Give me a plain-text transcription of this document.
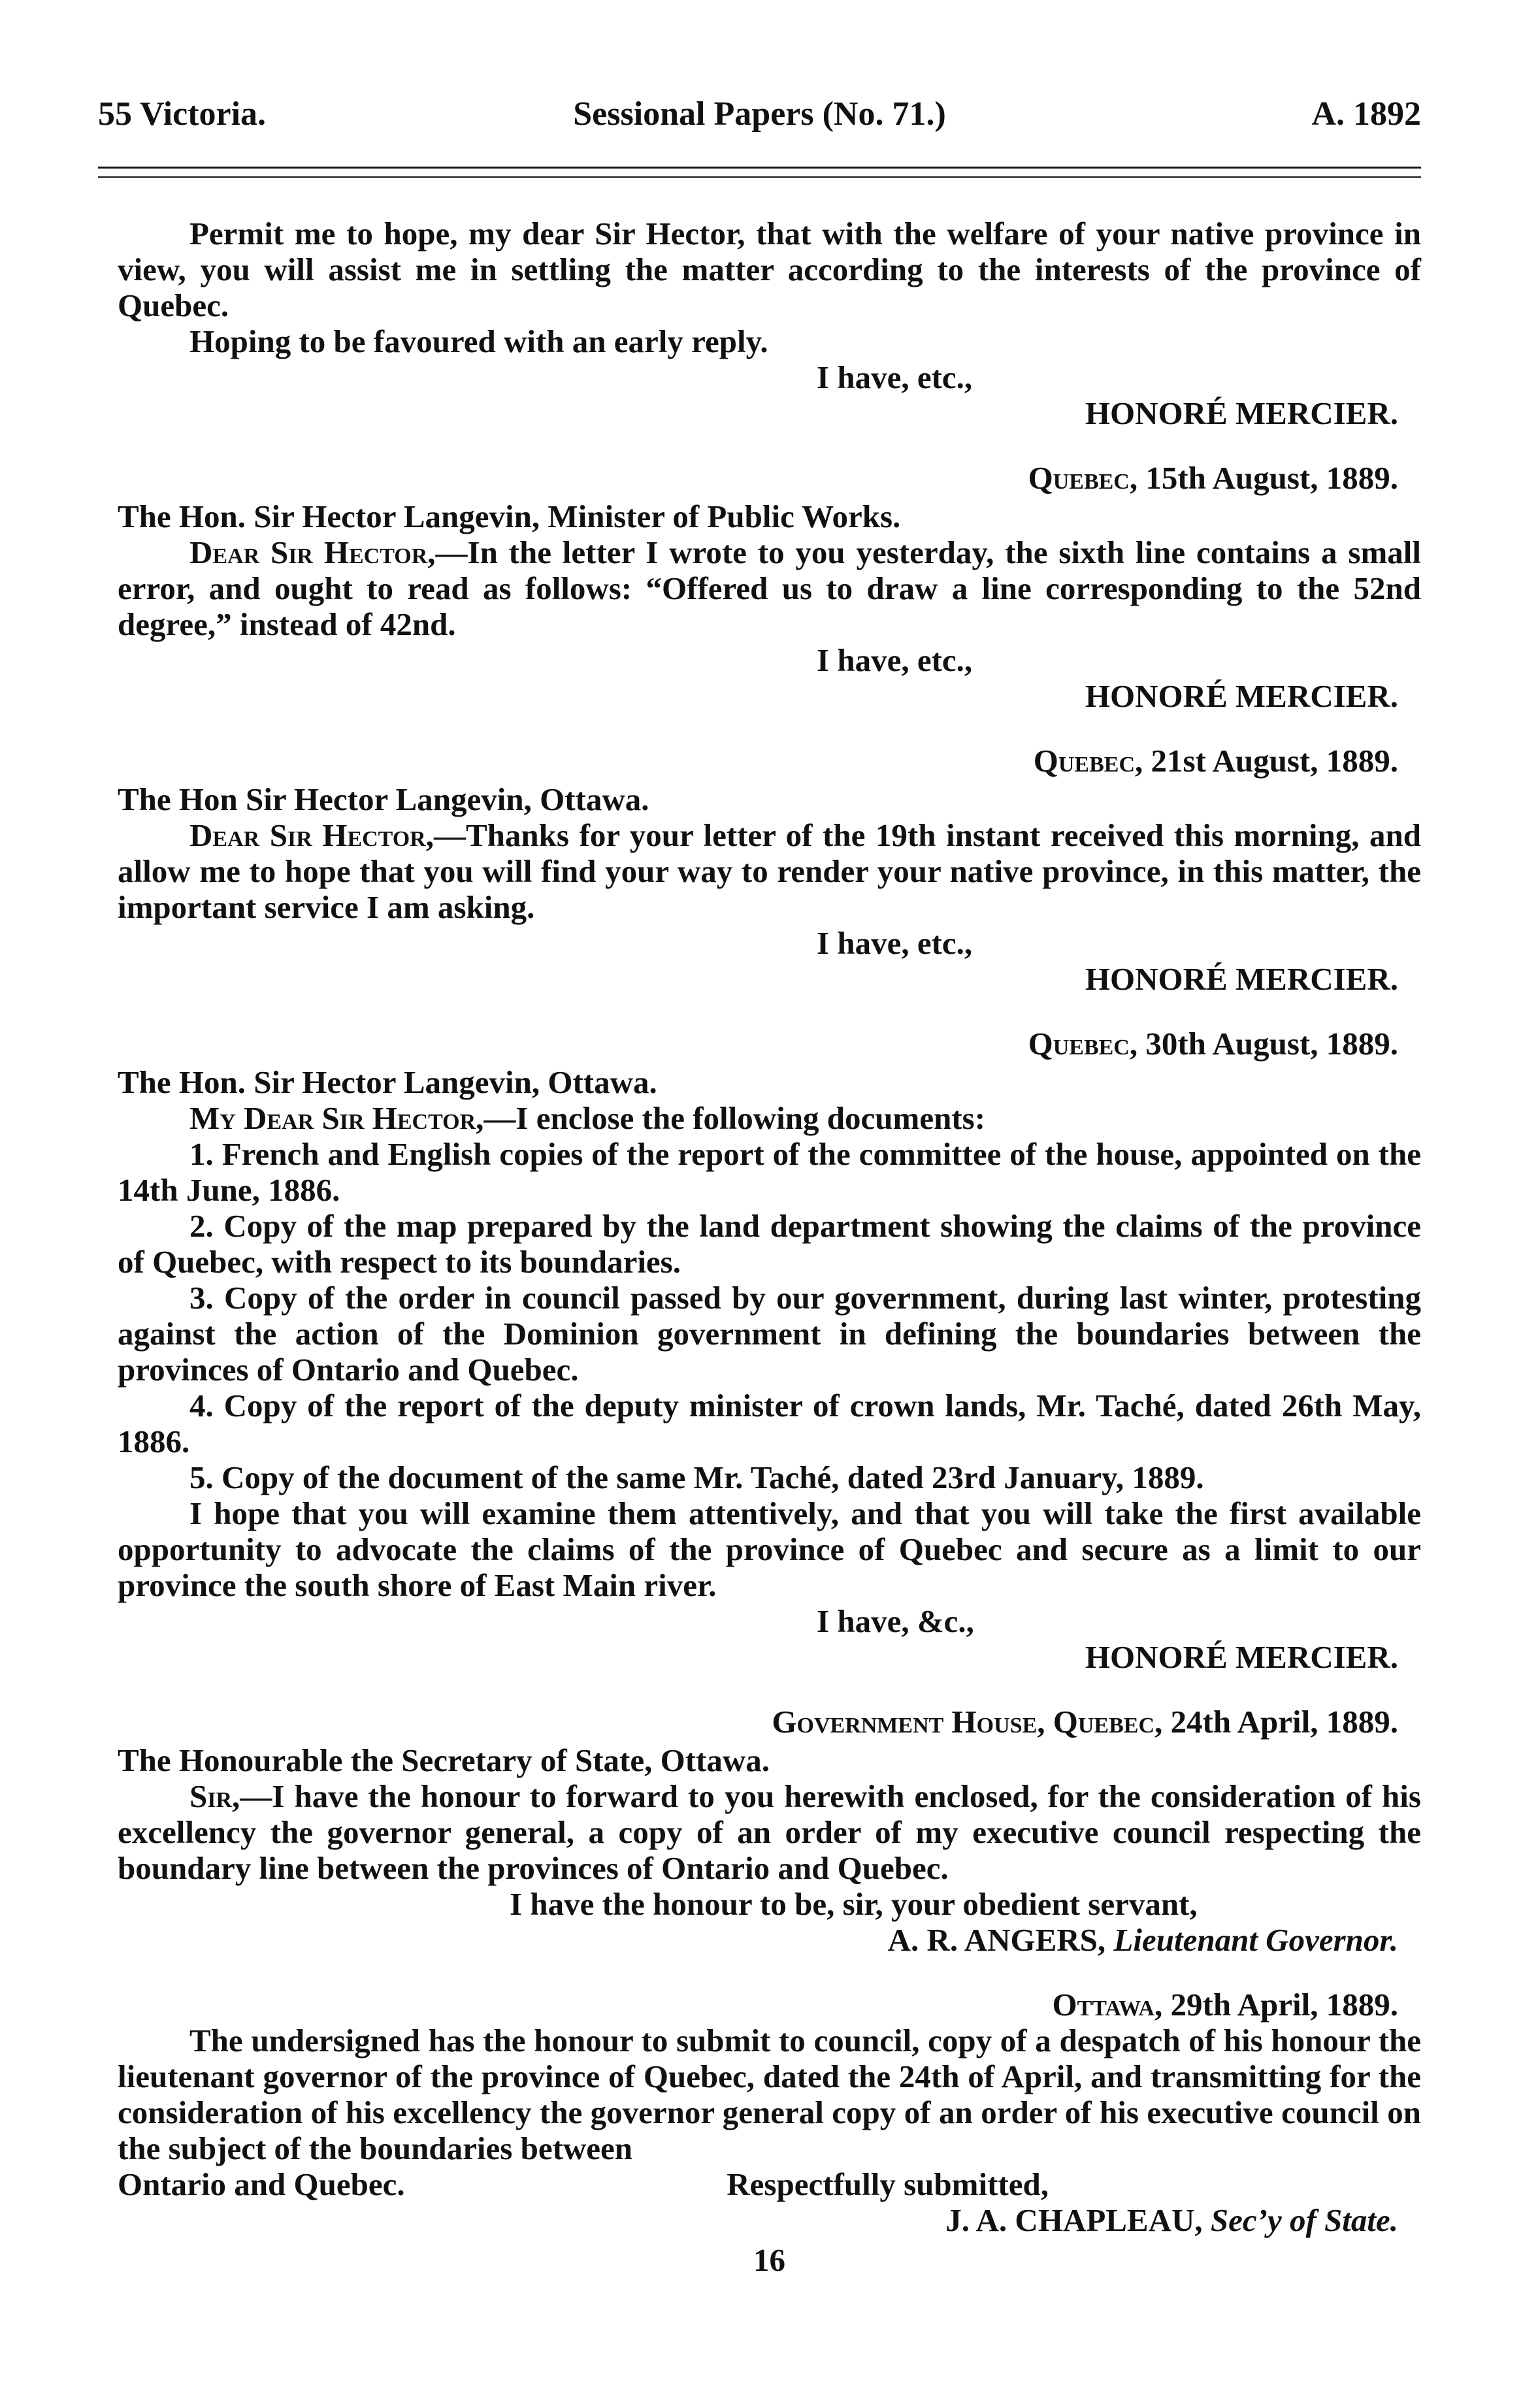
55 Victoria.	Sessional Papers (No. 71.)	A. 1892

Permit me to hope, my dear Sir Hector, that with the welfare of your native province in view, you will assist me in settling the matter according to the interests of the province of Quebec.

Hoping to be favoured with an early reply.

I have, etc.,

HONORÉ MERCIER.

Quebec, 15th August, 1889.

The Hon. Sir Hector Langevin, Minister of Public Works.

Dear Sir Hector,—In the letter I wrote to you yesterday, the sixth line contains a small error, and ought to read as follows: “Offered us to draw a line corresponding to the 52nd degree,” instead of 42nd.

I have, etc.,

HONORÉ MERCIER.

Quebec, 21st August, 1889.

The Hon Sir Hector Langevin, Ottawa.

Dear Sir Hector,—Thanks for your letter of the 19th instant received this morning, and allow me to hope that you will find your way to render your native province, in this matter, the important service I am asking.

I have, etc.,

HONORÉ MERCIER.

Quebec, 30th August, 1889.

The Hon. Sir Hector Langevin, Ottawa.

My Dear Sir Hector,—I enclose the following documents:

1. French and English copies of the report of the committee of the house, appointed on the 14th June, 1886.

2. Copy of the map prepared by the land department showing the claims of the province of Quebec, with respect to its boundaries.

3. Copy of the order in council passed by our government, during last winter, protesting against the action of the Dominion government in defining the boundaries between the provinces of Ontario and Quebec.

4. Copy of the report of the deputy minister of crown lands, Mr. Taché, dated 26th May, 1886.

5. Copy of the document of the same Mr. Taché, dated 23rd January, 1889.

I hope that you will examine them attentively, and that you will take the first available opportunity to advocate the claims of the province of Quebec and secure as a limit to our province the south shore of East Main river.

I have, &c.,

HONORÉ MERCIER.

Government House, Quebec, 24th April, 1889.

The Honourable the Secretary of State, Ottawa.

Sir,—I have the honour to forward to you herewith enclosed, for the consideration of his excellency the governor general, a copy of an order of my executive council respecting the boundary line between the provinces of Ontario and Quebec.

I have the honour to be, sir, your obedient servant,

A. R. ANGERS, Lieutenant Governor.

Ottawa, 29th April, 1889.

The undersigned has the honour to submit to council, copy of a despatch of his honour the lieutenant governor of the province of Quebec, dated the 24th of April, and transmitting for the consideration of his excellency the governor general copy of an order of his executive council on the subject of the boundaries between

Ontario and Quebec.	Respectfully submitted,

J. A. CHAPLEAU, Sec’y of State.

16
